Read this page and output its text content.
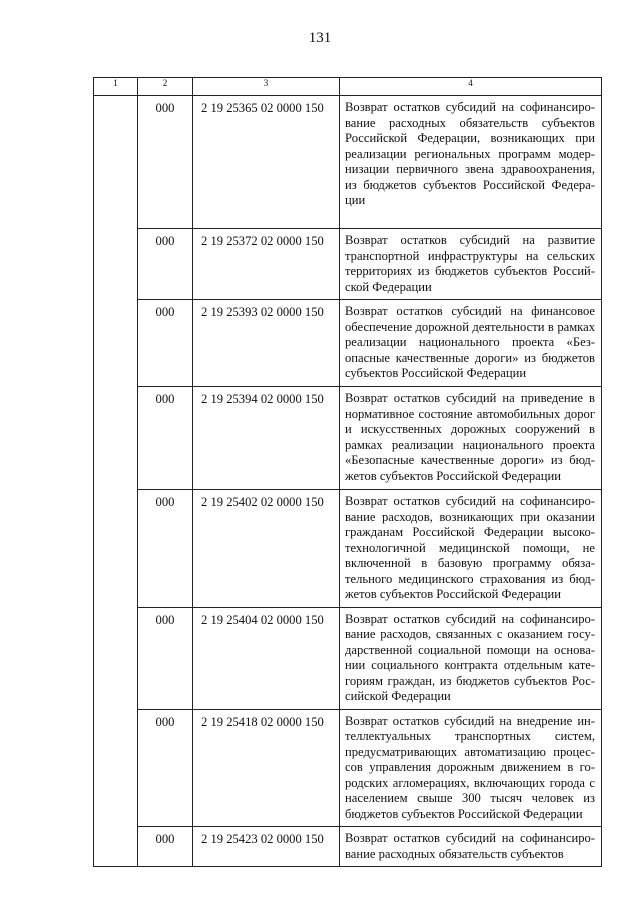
131
1	2	3	4
	000	2 19 25365 02 0000 150	Возврат остатков субсидий на софинансирование расходных обязательств субъектов Российской Федерации, возникающих при реализации региональных программ модернизации первичного звена здравоохранения, из бюджетов субъектов Российской Федерации
	000	2 19 25372 02 0000 150	Возврат остатков субсидий на развитие транспортной инфраструктуры на сельских территориях из бюджетов субъектов Российской Федерации
	000	2 19 25393 02 0000 150	Возврат остатков субсидий на финансовое обеспечение дорожной деятельности в рамках реализации национального проекта «Безопасные качественные дороги» из бюджетов субъектов Российской Федерации
	000	2 19 25394 02 0000 150	Возврат остатков субсидий на приведение в нормативное состояние автомобильных дорог и искусственных дорожных сооружений в рамках реализации национального проекта «Безопасные качественные дороги» из бюджетов субъектов Российской Федерации
	000	2 19 25402 02 0000 150	Возврат остатков субсидий на софинансирование расходов, возникающих при оказании гражданам Российской Федерации высокотехнологичной медицинской помощи, не включенной в базовую программу обязательного медицинского страхования из бюджетов субъектов Российской Федерации
	000	2 19 25404 02 0000 150	Возврат остатков субсидий на софинансирование расходов, связанных с оказанием государственной социальной помощи на основании социального контракта отдельным категориям граждан, из бюджетов субъектов Российской Федерации
	000	2 19 25418 02 0000 150	Возврат остатков субсидий на внедрение интеллектуальных транспортных систем, предусматривающих автоматизацию процессов управления дорожным движением в городских агломерациях, включающих города с населением свыше 300 тысяч человек из бюджетов субъектов Российской Федерации
	000	2 19 25423 02 0000 150	Возврат остатков субсидий на софинансирование расходных обязательств субъектов
